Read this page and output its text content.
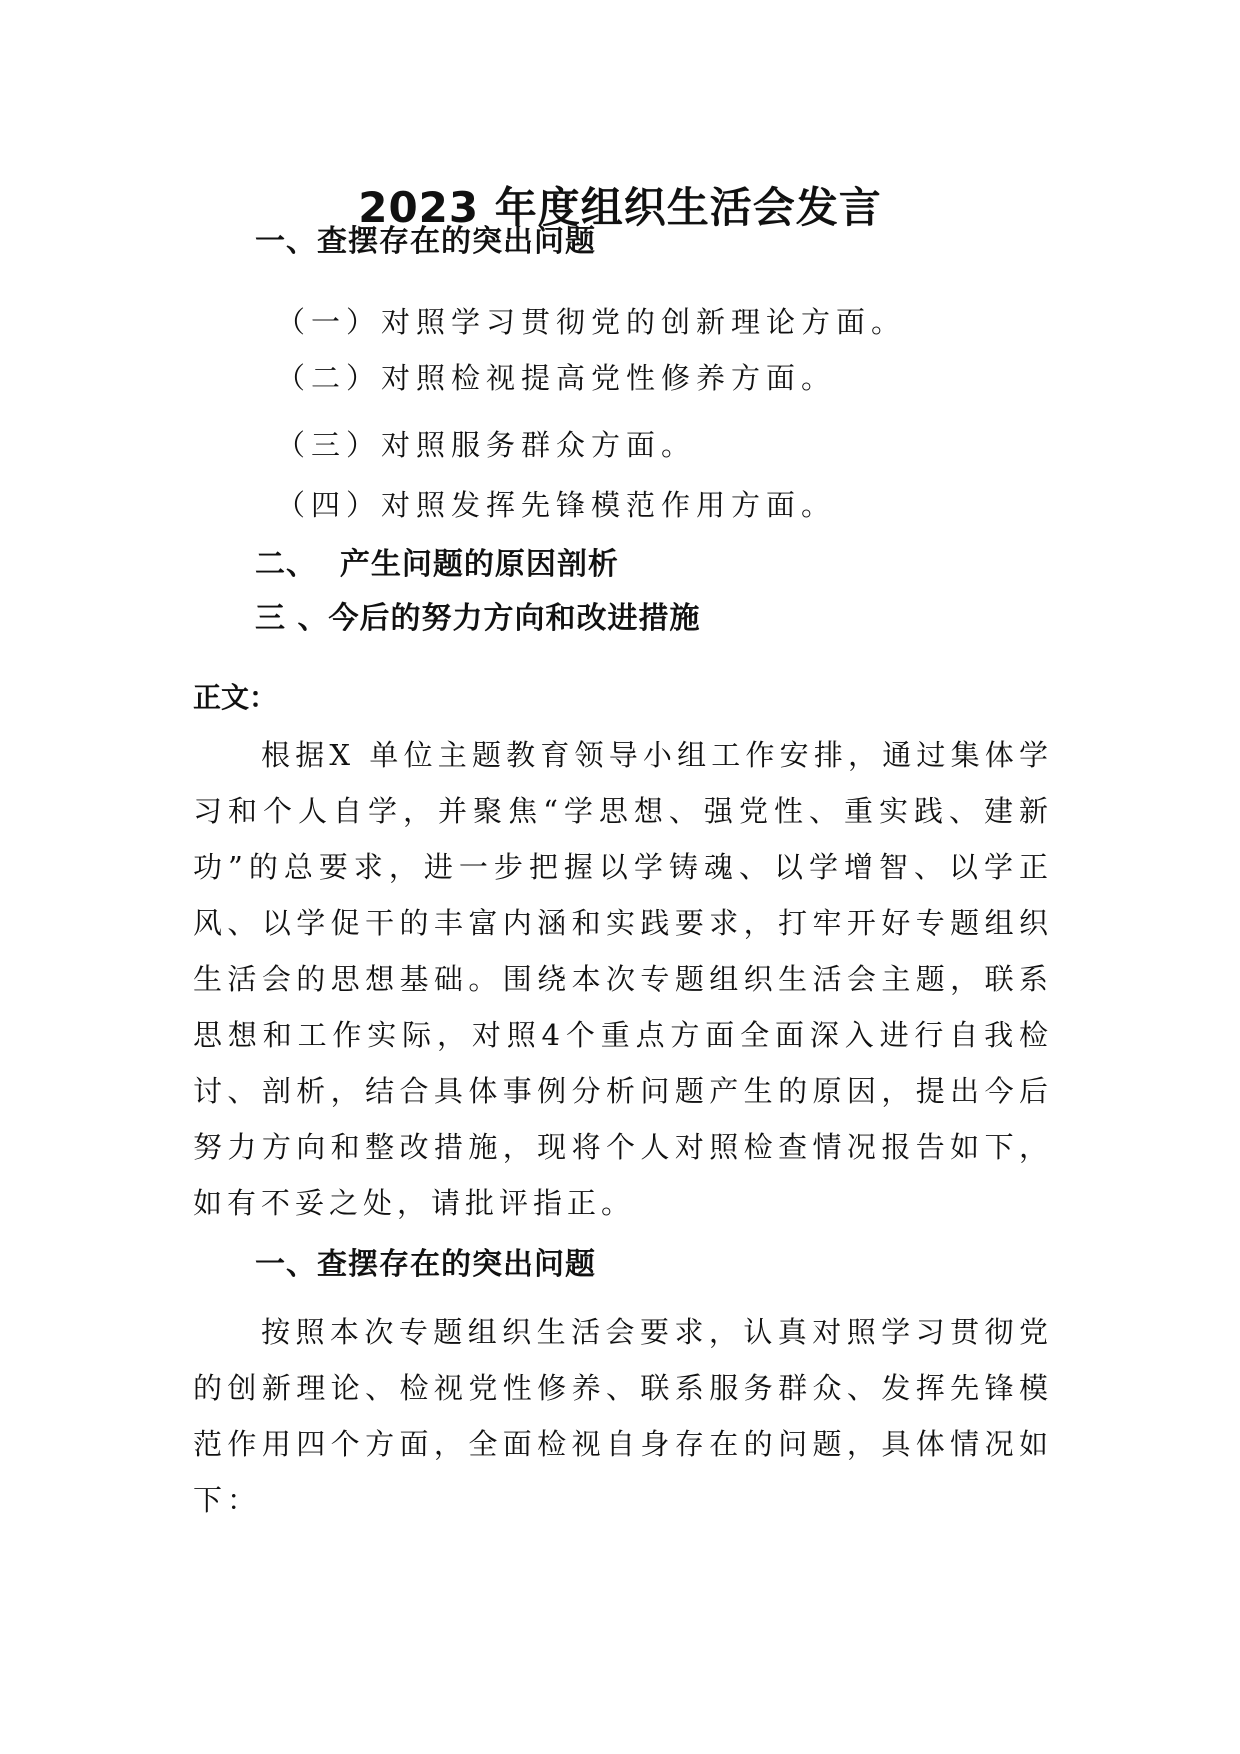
2023 年度组织生活会发言
一、查摆存在的突出问题
（一）对照学习贯彻党的创新理论方面。
（二）对照检视提高党性修养方面。
（三）对照服务群众方面。
（四）对照发挥先锋模范作用方面。
二、  产生问题的原因剖析
三 、今后的努力方向和改进措施
正文：

根据X 单位主题教育领导小组工作安排，通过集体学习和个人自学，并聚焦“学思想、强党性、重实践、建新功”的总要求，进一步把握以学铸魂、以学增智、以学正风、以学促干的丰富内涵和实践要求，打牢开好专题组织生活会的思想基础。围绕本次专题组织生活会主题，联系思想和工作实际，对照4个重点方面全面深入进行自我检讨、剖析，结合具体事例分析问题产生的原因，提出今后努力方向和整改措施，现将个人对照检查情况报告如下，如有不妥之处，请批评指正。

一、查摆存在的突出问题

按照本次专题组织生活会要求，认真对照学习贯彻党的创新理论、检视党性修养、联系服务群众、发挥先锋模范作用四个方面，全面检视自身存在的问题，具体情况如下：
